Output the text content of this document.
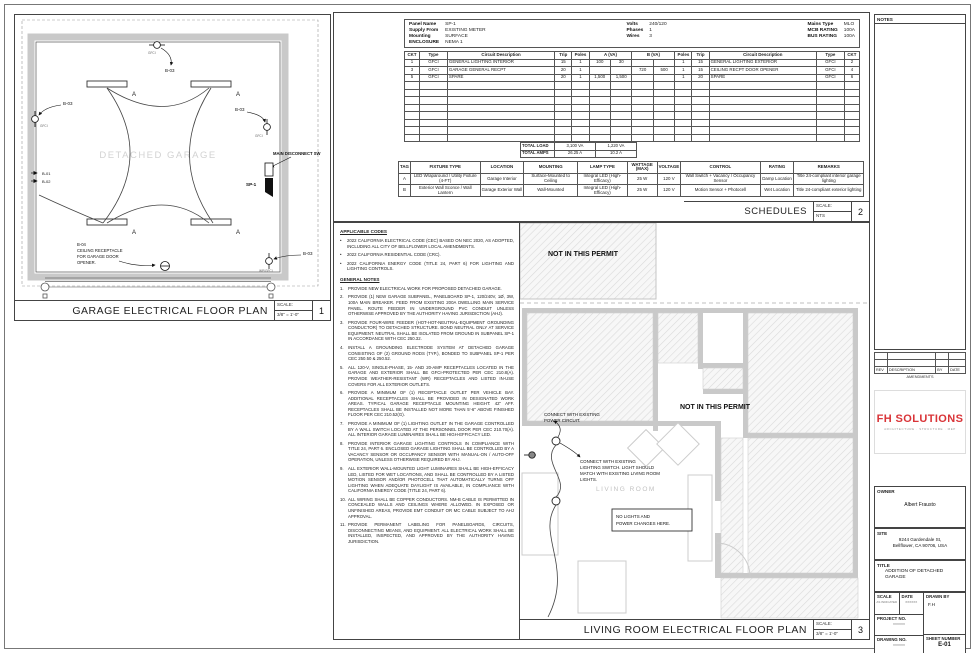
DETACHED GARAGE
A	A
A	A
GFCI
GFCI
GFCI
WP/GFCI
B-03
B-03
B-03
B-03
B-01
B-02
SP-1
MAIN DISCONNECT SW
B-04
CEILING RECEPTACLE
FOR GARAGE DOOR
OPENER.
GARAGE ELECTRICAL FLOOR PLAN	SCALE:
3/8" = 1'-0"	1
Panel Name	SP-1
Supply From EXISTING METER
Mounting	SURFACE
ENCLOSURE NEMA 1
Volts	240/120
Phases 1
Wires	3
Mains Type	MLO
MCB RATING 100A
BUS RATING 100A
CKT	Type	Circuit Description	Trip	Poles	A (VA)		B (VA)		Poles	Trip	Circuit Description	Type	CKT
1	GFCI	GENERAL LIGHTING INTERIOR	15	1	100	30			1	15	GENERAL LIGHTING EXTERIOR	GFCI	2
3	GFCI	GARAGE GENERAL RECPT	20	1			720	500	1	15	CEILING RECPT DOOR OPENER	GFCI	4
5	GFCI	SPARE	20	1	1,500	1,500			1	20	SPARE	GFCI	6

TOTAL LOAD	3,100 VA	1,220 VA
TOTAL AMPS	26.25 A	10.2 A
TAG	FIXTURE TYPE	LOCATION	MOUNTING	LAMP TYPE	WATTAGE (MAX)	VOLTAGE	CONTROL	RATING	REMARKS
A	LED Wraparound / Utility Fixture (4-FT)	Garage Interior	Surface-Mounted to Ceiling	Integral LED (High-Efficacy)	25 W	120 V	Wall Switch + Vacancy / Occupancy Sensor	Damp Location	Title 24-compliant interior garage lighting
B	Exterior Wall Sconce / Wall Lantern	Garage Exterior Wall	Wall-Mounted	Integral LED (High-Efficacy)	25 W	120 V	Motion Sensor + Photocell	Wet Location	Title 24-compliant exterior lighting
SCHEDULES
SCALE:
NTS	2

APPLICABLE CODES

•	2022 CALIFORNIA ELECTRICAL CODE (CEC) BASED ON NEC 2020, AS ADOPTED, INCLUDING ALL CITY OF BELLFLOWER LOCAL AMENDMENTS.
•	2022 CALIFORNIA RESIDENTIAL CODE (CRC).
•	2022 CALIFORNIA ENERGY CODE (TITLE 24, PART 6) FOR LIGHTING AND LIGHTING CONTROLS.

GENERAL NOTES

1.	PROVIDE NEW ELECTRICAL WORK FOR PROPOSED DETACHED GARAGE.
2.	PROVIDE (1) NEW GARAGE SUBPANEL, PANELBOARD SP-1, 120/240V, 1Ø, 3W, 100A MAIN BREAKER. FEED FROM EXISTING 200A DWELLING MAIN SERVICE PANEL. ROUTE FEEDER IN UNDERGROUND PVC CONDUIT UNLESS OTHERWISE APPROVED BY THE AUTHORITY HAVING JURISDICTION (AHJ).
3.	PROVIDE FOUR-WIRE FEEDER (HOT-HOT-NEUTRAL-EQUIPMENT GROUNDING CONDUCTOR) TO DETACHED STRUCTURE. BOND NEUTRAL ONLY AT SERVICE EQUIPMENT. NEUTRAL SHALL BE ISOLATED FROM GROUND IN SUBPANEL SP-1 IN ACCORDANCE WITH CEC 250.32.
4.	INSTALL A GROUNDING ELECTRODE SYSTEM AT DETACHED GARAGE CONSISTING OF (2) GROUND RODS (TYP.), BONDED TO SUBPANEL SP-1 PER CEC 250.50 & 250.52.
5.	ALL 120-V, SINGLE-PHASE, 15- AND 20-AMP RECEPTACLES LOCATED IN THE GARAGE AND EXTERIOR SHALL BE GFCI-PROTECTED PER CEC 210.8(A). PROVIDE WEATHER-RESISTANT (WR) RECEPTACLES AND LISTED IN-USE COVERS FOR ALL EXTERIOR OUTLETS.
6.	PROVIDE A MINIMUM OF (1) RECEPTACLE OUTLET PER VEHICLE BAY. ADDITIONAL RECEPTACLES SHALL BE PROVIDED IN DESIGNATED WORK AREAS. TYPICAL GARAGE RECEPTACLE MOUNTING HEIGHT: 42" AFF. RECEPTACLES SHALL BE INSTALLED NOT MORE THAN 5'-6" ABOVE FINISHED FLOOR PER CEC 210.52(G).
7.	PROVIDE A MINIMUM OF (1) LIGHTING OUTLET IN THE GARAGE CONTROLLED BY A WALL SWITCH LOCATED AT THE PERSONNEL DOOR PER CEC 210.70(A). ALL INTERIOR GARAGE LUMINAIRES SHALL BE HIGH-EFFICACY LED.
8.	PROVIDE INTERIOR GARAGE LIGHTING CONTROLS IN COMPLIANCE WITH TITLE 24, PART 6. ENCLOSED GARAGE LIGHTING SHALL BE CONTROLLED BY A VACANCY SENSOR OR OCCUPANCY SENSOR WITH MANUAL-ON / AUTO-OFF OPERATION, UNLESS OTHERWISE REQUIRED BY AHJ.
9.	ALL EXTERIOR WALL-MOUNTED LIGHT LUMINAIRES SHALL BE HIGH-EFFICACY LED, LISTED FOR WET LOCATIONS, AND SHALL BE CONTROLLED BY A LISTED MOTION SENSOR AND/OR PHOTOCELL THAT AUTOMATICALLY TURNS OFF LIGHTING WHEN ADEQUATE DAYLIGHT IS AVAILABLE, IN COMPLIANCE WITH CALIFORNIA ENERGY CODE (TITLE 24, PART 6).
10. ALL WIRING SHALL BE COPPER CONDUCTORS. NM-B CABLE IS PERMITTED IN CONCEALED WALLS AND CEILINGS WHERE ALLOWED. IN EXPOSED OR UNFINISHED AREAS, PROVIDE EMT CONDUIT OR MC CABLE SUBJECT TO AHJ APPROVAL.
11. PROVIDE PERMANENT LABELING FOR PANELBOARDS, CIRCUITS, DISCONNECTING MEANS, AND EQUIPMENT. ALL ELECTRICAL WORK SHALL BE INSTALLED, INSPECTED, AND APPROVED BY THE AUTHORITY HAVING JURISDICTION.
NOT IN THIS PERMIT
NOT IN THIS PERMIT
LIVING ROOM
CONNECT WITH EXISTING
POWER CIRCUIT.
CONNECT WITH EXISTING
LIGHTING SWITCH. LIGHT SHOULD
MATCH WITH EXISTING LIVING ROOM
LIGHTS.
NO LIGHTS AND
POWER CHANGES HERE.
LIVING ROOM ELECTRICAL FLOOR PLAN	SCALE:
3/8" = 1'-0"	3
NOTES

REV	DESCRIPTION	BY	DATE
AMENDMENTS
FH SOLUTIONS
ARCHITECTURE · STRUCTURE · MEP
OWNER
Albert Frausto
SITE
9244 Gardendale St,
Bellflower, CA 90706, USA
TITLE
ADDITION OF DETACHED
GARAGE
SCALE
AS INDICATED
DATE
XXXXXX
PROJECT NO.
XXXXXX
DRAWING NO.
XXXXXX
DRAWN BY
F.H
SHEET NUMBER
E-01
